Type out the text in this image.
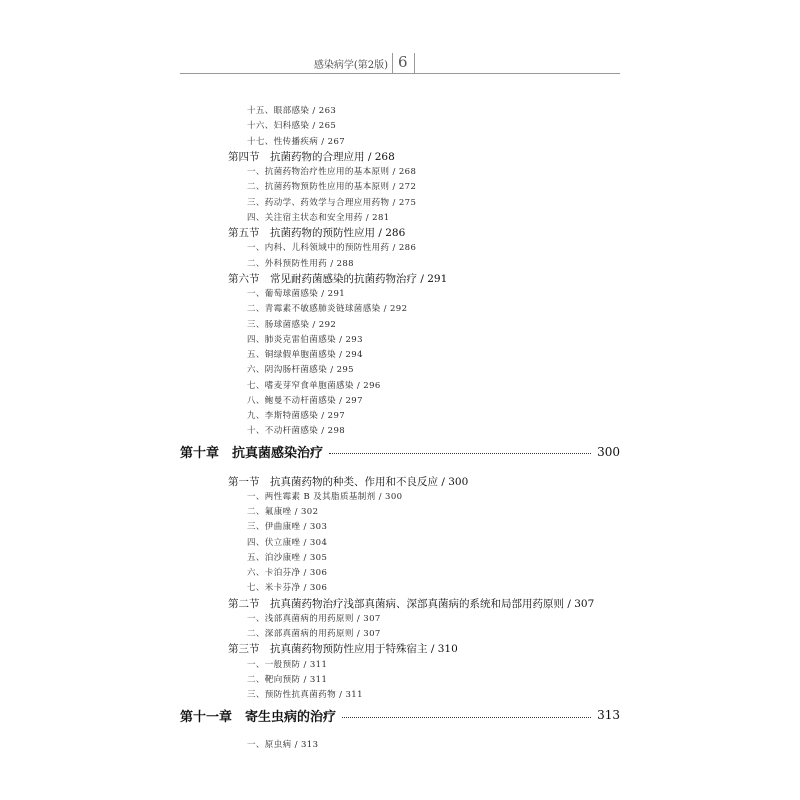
感染病学(第2版) 6
十五、眼部感染 / 263
十六、妇科感染 / 265
十七、性传播疾病 / 267
第四节　抗菌药物的合理应用 / 268
一、抗菌药物治疗性应用的基本原则 / 268
二、抗菌药物预防性应用的基本原则 / 272
三、药动学、药效学与合理应用药物 / 275
四、关注宿主状态和安全用药 / 281
第五节　抗菌药物的预防性应用 / 286
一、内科、儿科领域中的预防性用药 / 286
二、外科预防性用药 / 288
第六节　常见耐药菌感染的抗菌药物治疗 / 291
一、葡萄球菌感染 / 291
二、青霉素不敏感肺炎链球菌感染 / 292
三、肠球菌感染 / 292
四、肺炎克雷伯菌感染 / 293
五、铜绿假单胞菌感染 / 294
六、阴沟肠杆菌感染 / 295
七、嗜麦芽窄食单胞菌感染 / 296
八、鲍曼不动杆菌感染 / 297
九、李斯特菌感染 / 297
十、不动杆菌感染 / 298
第十章　抗真菌感染治疗	300
第一节　抗真菌药物的种类、作用和不良反应 / 300
一、两性霉素 B 及其脂质基制剂 / 300
二、氟康唑 / 302
三、伊曲康唑 / 303
四、伏立康唑 / 304
五、泊沙康唑 / 305
六、卡泊芬净 / 306
七、米卡芬净 / 306
第二节　抗真菌药物治疗浅部真菌病、深部真菌病的系统和局部用药原则 / 307
一、浅部真菌病的用药原则 / 307
二、深部真菌病的用药原则 / 307
第三节　抗真菌药物预防性应用于特殊宿主 / 310
一、一般预防 / 311
二、靶向预防 / 311
三、预防性抗真菌药物 / 311
第十一章　寄生虫病的治疗	313
一、原虫病 / 313
